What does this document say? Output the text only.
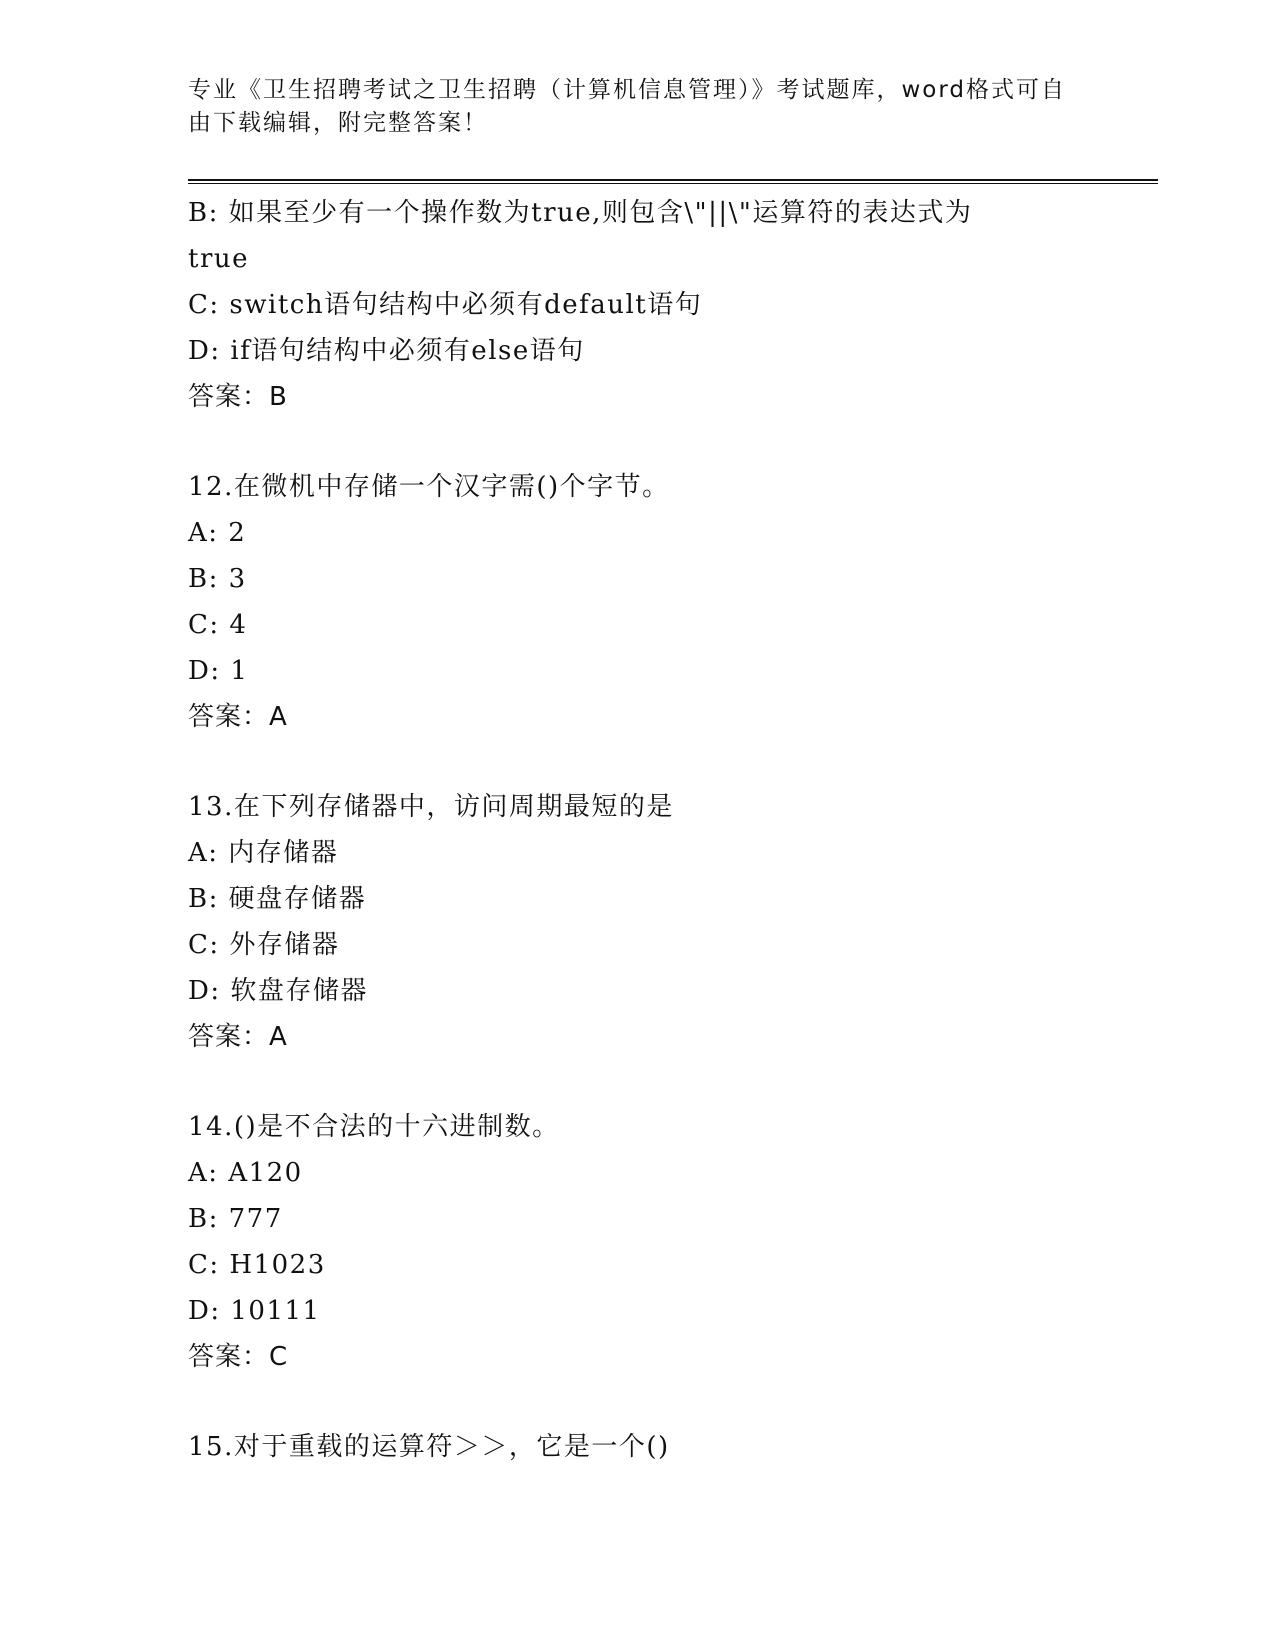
专业《卫生招聘考试之卫生招聘（计算机信息管理）》考试题库，word格式可自
由下载编辑，附完整答案！
B: 如果至少有一个操作数为true,则包含\"||\"运算符的表达式为
true
C: switch语句结构中必须有default语句
D: if语句结构中必须有else语句
答案：B
12.在微机中存储一个汉字需()个字节。
A: 2
B: 3
C: 4
D: 1
答案：A
13.在下列存储器中，访问周期最短的是
A: 内存储器
B: 硬盘存储器
C: 外存储器
D: 软盘存储器
答案：A
14.()是不合法的十六进制数。
A: A120
B: 777
C: H1023
D: 10111
答案：C
15.对于重载的运算符＞＞，它是一个()
